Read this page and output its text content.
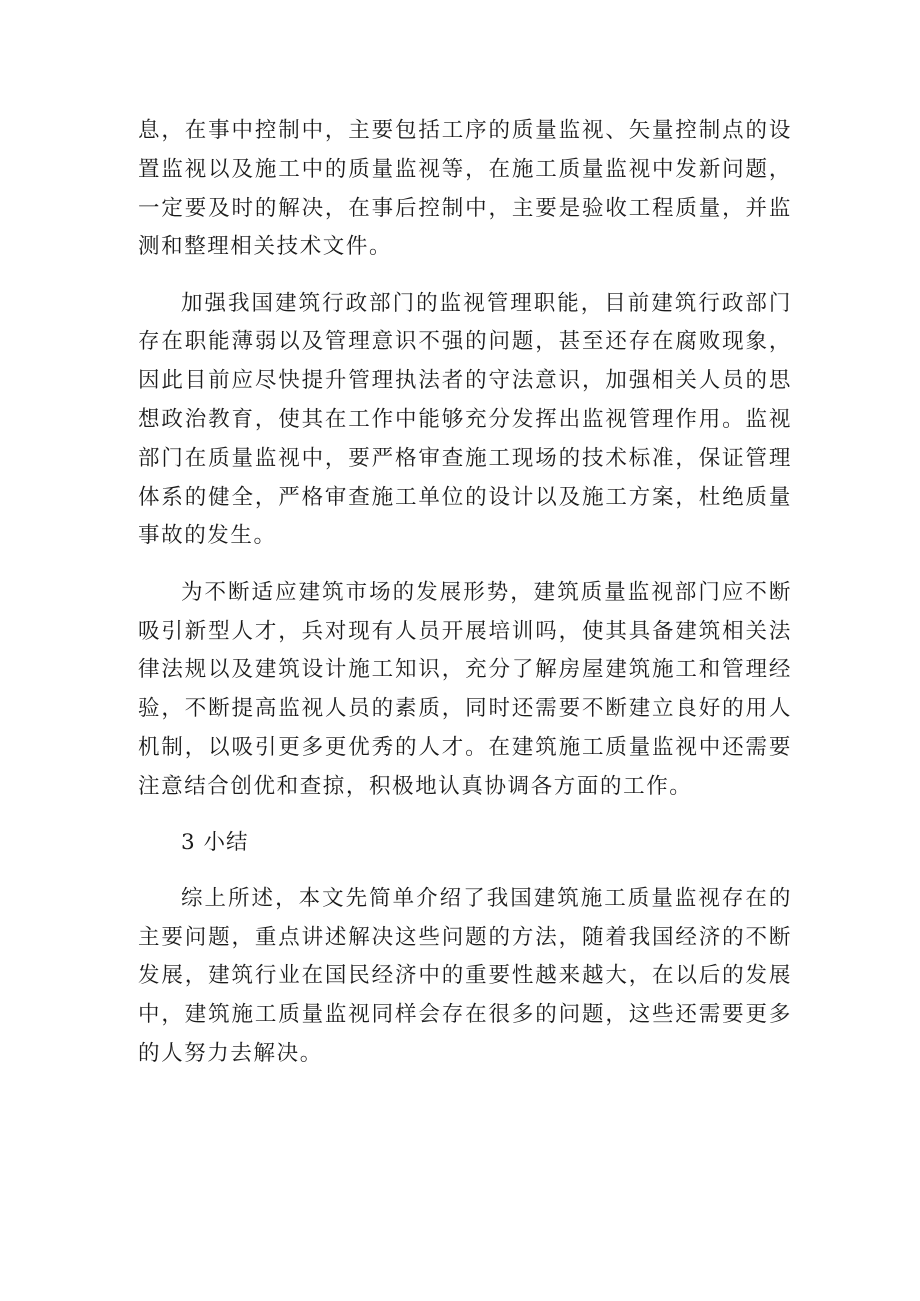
息，在事中控制中，主要包括工序的质量监视、矢量控制点的设置监视以及施工中的质量监视等，在施工质量监视中发新问题，一定要及时的解决，在事后控制中，主要是验收工程质量，并监测和整理相关技术文件。

加强我国建筑行政部门的监视管理职能，目前建筑行政部门存在职能薄弱以及管理意识不强的问题，甚至还存在腐败现象，因此目前应尽快提升管理执法者的守法意识，加强相关人员的思想政治教育，使其在工作中能够充分发挥出监视管理作用。监视部门在质量监视中，要严格审查施工现场的技术标准，保证管理体系的健全，严格审查施工单位的设计以及施工方案，杜绝质量事故的发生。

为不断适应建筑市场的发展形势，建筑质量监视部门应不断吸引新型人才，兵对现有人员开展培训吗，使其具备建筑相关法律法规以及建筑设计施工知识，充分了解房屋建筑施工和管理经验，不断提高监视人员的素质，同时还需要不断建立良好的用人机制，以吸引更多更优秀的人才。在建筑施工质量监视中还需要注意结合创优和查掠，积极地认真协调各方面的工作。

3 小结

综上所述，本文先简单介绍了我国建筑施工质量监视存在的主要问题，重点讲述解决这些问题的方法，随着我国经济的不断发展，建筑行业在国民经济中的重要性越来越大，在以后的发展中，建筑施工质量监视同样会存在很多的问题，这些还需要更多的人努力去解决。
